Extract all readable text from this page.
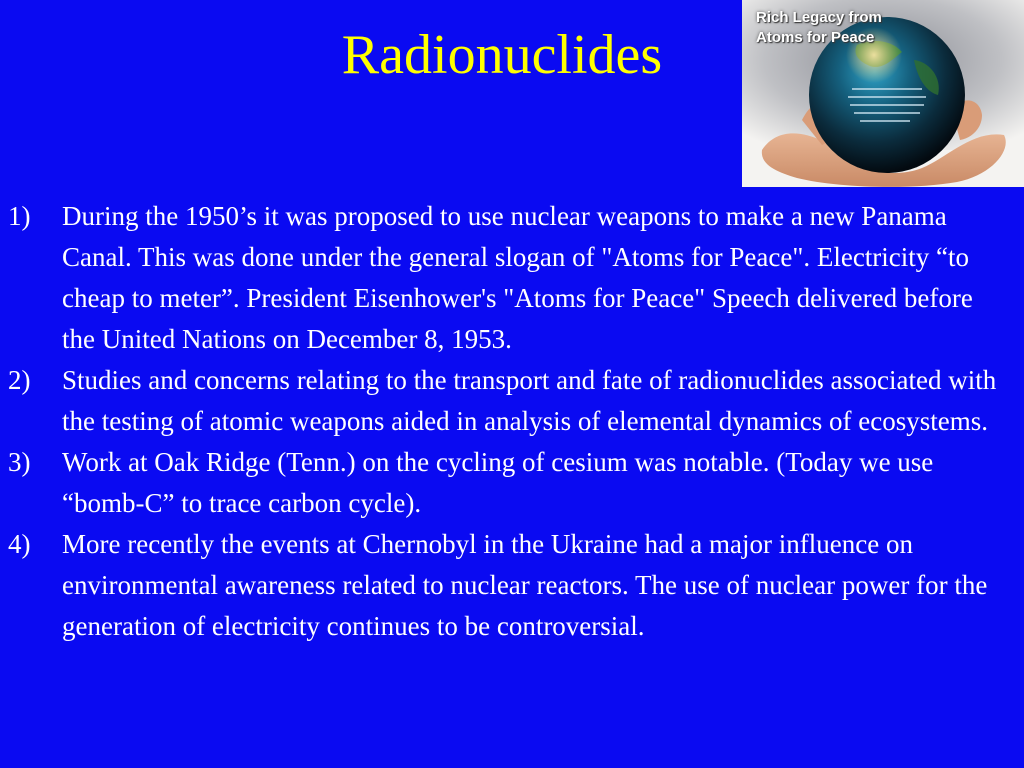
Radionuclides
Rich Legacy from
Atoms for Peace
1) During the 1950’s it was proposed to use nuclear weapons to make a new Panama Canal. This was done under the general slogan of "Atoms for Peace". Electricity “to cheap to meter”. President Eisenhower's "Atoms for Peace" Speech delivered before the United Nations on December 8, 1953.
2) Studies and concerns relating to the transport and fate of radionuclides associated with the testing of atomic weapons aided in analysis of elemental dynamics of ecosystems.
3) Work at Oak Ridge (Tenn.) on the cycling of cesium was notable. (Today we use “bomb-C” to trace carbon cycle).
4) More recently the events at Chernobyl in the Ukraine had a major influence on environmental awareness related to nuclear reactors. The use of nuclear power for the generation of electricity continues to be controversial.
